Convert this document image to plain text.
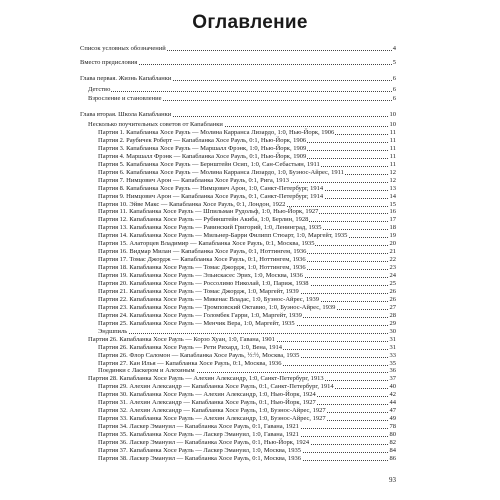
Оглавление
Список условных обозначений	4
Вместо предисловия	5
Глава первая. Жизнь Капабланки	6
Детство	6
Взросление и становление	6
Глава вторая. Школа Капабланки	10
Несколько поучительных советов от Капабланки	10
Партия 1. Капабланка Хосе Рауль — Молина Карранса Лизардо, 1:0, Нью-Йорк, 1906	11
Партия 2. Раубичек Роберт — Капабланка Хосе Рауль, 0:1, Нью-Йорк, 1906	11
Партия 3. Капабланка Хосе Рауль — Маршалл Фрэнк, 1:0, Нью-Йорк, 1909	11
Партия 4. Маршалл Фрэнк — Капабланка Хосе Рауль, 0:1, Нью-Йорк, 1909	11
Партия 5. Капабланка Хосе Рауль — Бернштейн Осип, 1:0, Сан-Себастьян, 1911	11
Партия 6. Капабланка Хосе Рауль — Молина Карранса Лизардо, 1:0, Буэнос-Айрес, 1911	12
Партия 7. Нимцович Арон — Капабланка Хосе Рауль, 0:1, Рига, 1913	12
Партия 8. Капабланка Хосе Рауль — Нимцович Арон, 1:0, Санкт-Петербург, 1914	13
Партия 9. Нимцович Арон — Капабланка Хосе Рауль, 0:1, Санкт-Петербург, 1914	14
Партия 10. Эйве Макс — Капабланка Хосе Рауль, 0:1, Лондон, 1922	15
Партия 11. Капабланка Хосе Рауль — Шпильман Рудольф, 1:0, Нью-Йорк, 1927	16
Партия 12. Капабланка Хосе Рауль — Рубинштейн Акиба, 1:0, Берлин, 1928	17
Партия 13. Капабланка Хосе Рауль — Равинский Григорий, 1:0, Ленинград, 1935	18
Партия 14. Капабланка Хосе Рауль — Мильнер-Барри Филипп Стюарт, 1:0, Маргейт, 1935	19
Партия 15. Алаторцев Владимир — Капабланка Хосе Рауль, 0:1, Москва, 1935	20
Партия 16. Видмар Милан — Капабланка Хосе Рауль, 0:1, Ноттингем, 1936	21
Партия 17. Томас Джордж — Капабланка Хосе Рауль, 0:1, Ноттингем, 1936	22
Партия 18. Капабланка Хосе Рауль — Томас Джордж, 1:0, Ноттингем, 1936	23
Партия 19. Капабланка Хосе Рауль — Эльискасес Эрих, 1:0, Москва, 1936	24
Партия 20. Капабланка Хосе Рауль — Россолимо Николай, 1:0, Париж, 1938	25
Партия 21. Капабланка Хосе Рауль — Томас Джордж, 1:0, Маргейт, 1939	26
Партия 22. Капабланка Хосе Рауль — Микенас Владас, 1:0, Буэнос-Айрес, 1939	26
Партия 23. Капабланка Хосе Рауль — Тромповский Октавио, 1:0, Буэнос-Айрес, 1939	27
Партия 24. Капабланка Хосе Рауль — Голомбек Гарри, 1:0, Маргейт, 1939	28
Партия 25. Капабланка Хосе Рауль — Менчик Вера, 1:0, Маргейт, 1935	29
Эндшпиль	30
Партия 26. Капабланка Хосе Рауль — Корзо Хуан, 1:0, Гавана, 1901	31
Партия 26. Капабланка Хосе Рауль — Рети Рихард, 1:0, Вена, 1914	31
Партия 26. Флор Саломон — Капабланка Хосе Рауль, ½:½, Москва, 1935	33
Партия 27. Кан Илья — Капабланка Хосе Рауль, 0:1, Москва, 1936	35
Поединки с Ласкером и Алехиным	36
Партия 28. Капабланка Хосе Рауль — Алехин Александр, 1:0, Санкт-Петербург, 1913	37
Партия 29. Алехин Александр — Капабланка Хосе Рауль, 0:1, Санкт-Петербург, 1914	40
Партия 30. Капабланка Хосе Рауль — Алехин Александр, 1:0, Нью-Йорк, 1924	42
Партия 31. Алехин Александр — Капабланка Хосе Рауль, 0:1, Нью-Йорк, 1927	44
Партия 32. Алехин Александр — Капабланка Хосе Рауль, 1:0, Буэнос-Айрес, 1927	47
Партия 33. Капабланка Хосе Рауль — Алехин Александр, 1:0, Буэнос-Айрес, 1927	49
Партия 34. Ласкер Эмануил — Капабланка Хосе Рауль, 0:1, Гавана, 1921	78
Партия 35. Капабланка Хосе Рауль — Ласкер Эмануил, 1:0, Гавана, 1921	80
Партия 36. Ласкер Эмануил — Капабланка Хосе Рауль, 0:1, Нью-Йорк, 1924	82
Партия 37. Капабланка Хосе Рауль — Ласкер Эмануил, 1:0, Москва, 1935	84
Партия 38. Ласкер Эмануил — Капабланка Хосе Рауль, 0:1, Москва, 1936	86
93
